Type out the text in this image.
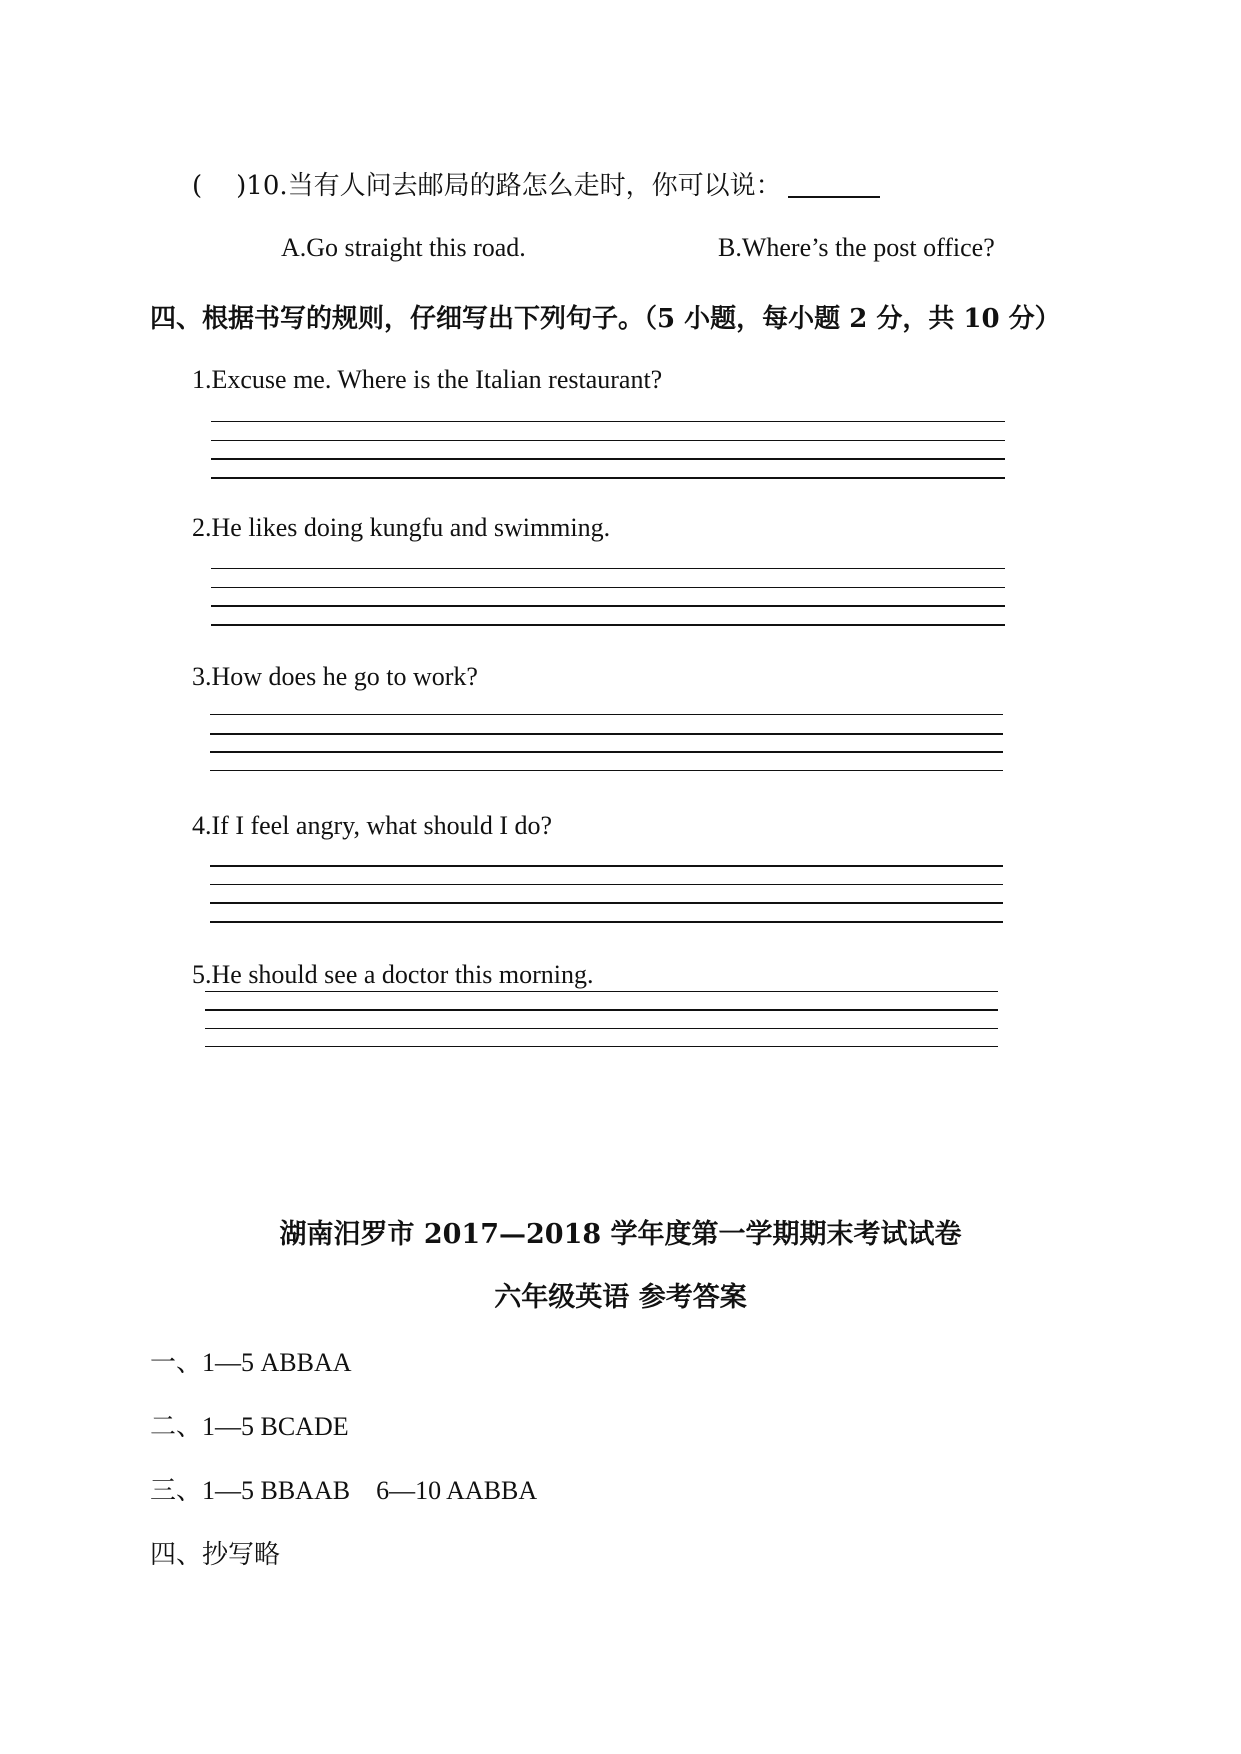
( )10.当有人问去邮局的路怎么走时，你可以说：
A.Go straight this road.	B.Where’s the post office?
四、根据书写的规则，仔细写出下列句子。（5 小题，每小题 2 分，共 10 分）
1.Excuse me. Where is the Italian restaurant?
2.He likes doing kungfu and swimming.
3.How does he go to work?
4.If I feel angry, what should I do?
5.He should see a doctor this morning.
湖南汨罗市 2017—2018 学年度第一学期期末考试试卷
六年级英语 参考答案
一、1—5 ABBAA
二、1—5 BCADE
三、1—5 BBAAB    6—10 AABBA
四、抄写略
